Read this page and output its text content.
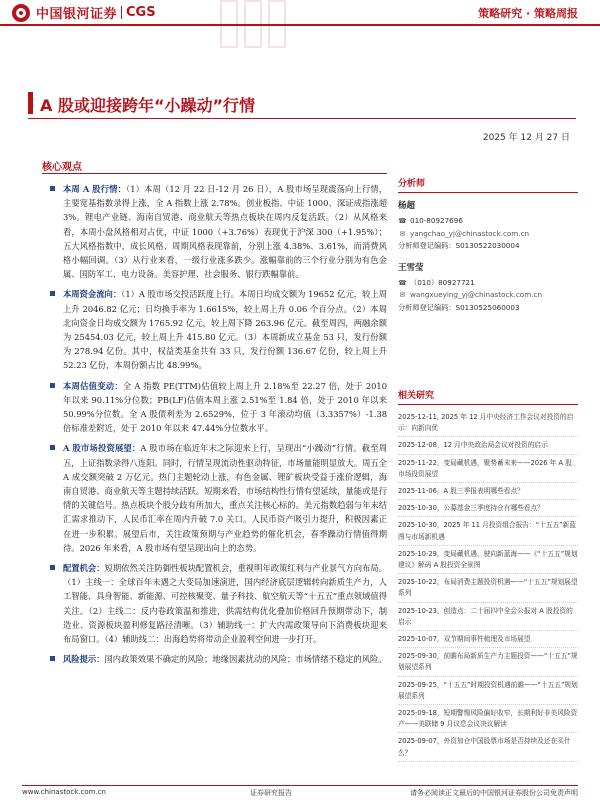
中国银河证券 CGS	策略研究 · 策略周报
A 股或迎接跨年“小躁动”行情
2025 年 12 月 27 日
核心观点
本周 A 股行情：（1）本周（12 月 22 日-12 月 26 日），A 股市场呈现震荡向上行情，主要宽基指数录得上涨，全 A 指数上涨 2.78%。创业板指、中证 1000、深证成指涨超 3%。锂电产业链、海南自贸港、商业航天等热点板块在周内反复活跃。（2）从风格来看，本周小盘风格相对占优，中证 1000（+3.76%）表现优于沪深 300（+1.95%）；五大风格指数中，成长风格、周期风格表现靠前，分别上涨 4.38%、3.61%，而消费风格小幅回调。（3）从行业来看，一级行业涨多跌少。涨幅靠前的三个行业分别为有色金属、国防军工、电力设备。美容护理、社会服务、银行跌幅靠前。
本周资金流向：（1）A 股市场交投活跃度上行。本周日均成交额为 19652 亿元，较上周上升 2046.82 亿元；日均换手率为 1.6615%，较上周上升 0.06 个百分点。（2）本周北向资金日均成交额为 1765.92 亿元，较上周下降 263.96 亿元。截至周四，两融余额为 25454.03 亿元，较上周上升 415.80 亿元。（3）本周新成立基金 53 只，发行份额为 278.94 亿份。其中，权益类基金共有 33 只，发行份额 136.67 亿份，较上周上升 52.23 亿份，本周份额占比 48.99%。
本周估值变动：全 A 指数 PE(TTM)估值较上周上升 2.18%至 22.27 倍，处于 2010 年以来 90.11%分位数；PB(LF)估值本周上涨 2.51%至 1.84 倍，处于 2010 年以来 50.99%分位数。全 A 股债利差为 2.6529%，位于 3 年滚动均值（3.3357%）-1.38 倍标准差附近，处于 2010 年以来 47.44%分位数水平。
A 股市场投资展望：A 股市场在临近年末之际迎来上行，呈现出“小躁动”行情。截至周五，上证指数录得八连阳。同时，行情呈现流动性驱动特征，市场量能明显放大。周五全 A 成交额突破 2 万亿元。热门主题轮动上涨，有色金属、锂矿板块受益于涨价逻辑，海南自贸港、商业航天等主题持续活跃。短期来看，市场结构性行情有望延续，量能或是行情的关键信号。热点板块个股分歧有所加大，重点关注核心标的。美元指数趋弱与年末结汇需求推动下，人民币汇率在周内升破 7.0 关口。人民币资产吸引力提升，积极因素正在进一步积累。展望后市，关注政策预期与产业趋势的催化机会，春季躁动行情值得期待。2026 年来看，A 股市场有望呈现出向上的态势。
配置机会：短期依然关注防御性板块配置机会，重视明年政策红利与产业景气方向布局。（1）主线一：全球百年未遇之大变局加速演进，国内经济底层逻辑转向新质生产力，人工智能、具身智能、新能源、可控核聚变、量子科技、航空航天等“十五五”重点领域值得关注。（2）主线二：反内卷政策温和推进，供需结构优化叠加价格回升预期带动下，制造业、资源板块盈利修复路径清晰。（3）辅助线一：扩大内需政策导向下消费板块迎来布局窗口。（4）辅助线二：出海趋势将带动企业盈利空间进一步打开。
风险提示：国内政策效果不确定的风险；地缘因素扰动的风险；市场情绪不稳定的风险。
分析师
杨超
☎ 010-80927696
✉ yangchao_yj@chinastock.com.cn
分析师登记编码：S0130522030004
王雪莹
☎ （010）80927721
✉ wangxueying_yj@chinastock.com.cn
分析师登记编码：S0130525060003
相关研究
2025-12-11, 2025 年 12 月中央经济工作会议对投资的启示：向新向优
2025-12-08，12 月中央政治局会议对投资的启示
2025-11-22，变局藏机遇，聚势蓄未来——2026 年 A 股市场投资展望
2025-11-06，A 股三季报表明哪些看点？
2025-10-30，公募基金三季度持仓有哪些看点？
2025-10-30，2025 年 11 月投资组合报告：“十五五”新蓝图与市场新机遇
2025-10-29，变局藏机遇，驶向新蓝海——《“十五五”规划建议》解码 A 股投资全景图
2025-10-22，布局消费主题投资机遇——“十五五”规划展望系列
2025-10-23，创造点：二十届四中全会公报对 A 股投资的启示
2025-10-07，双节期间事件梳理及市场展望
2025-09-30，前瞻布局新质生产力主题投资——“十五五”规划展望系列
2025-09-25，“十五五”时期投资机遇前瞻——“十五五”规划展望系列
2025-09-18，短期警惕风险偏好收窄，长期利好非美风险资产——美联储 9 月议息会议决议解读
2025-09-07，外资加仓中国股票市场是否持续及还在买什么？
www.chinastock.com.cn	证券研究报告	请务必阅读正文最后的中国银河证券股份公司免责声明
